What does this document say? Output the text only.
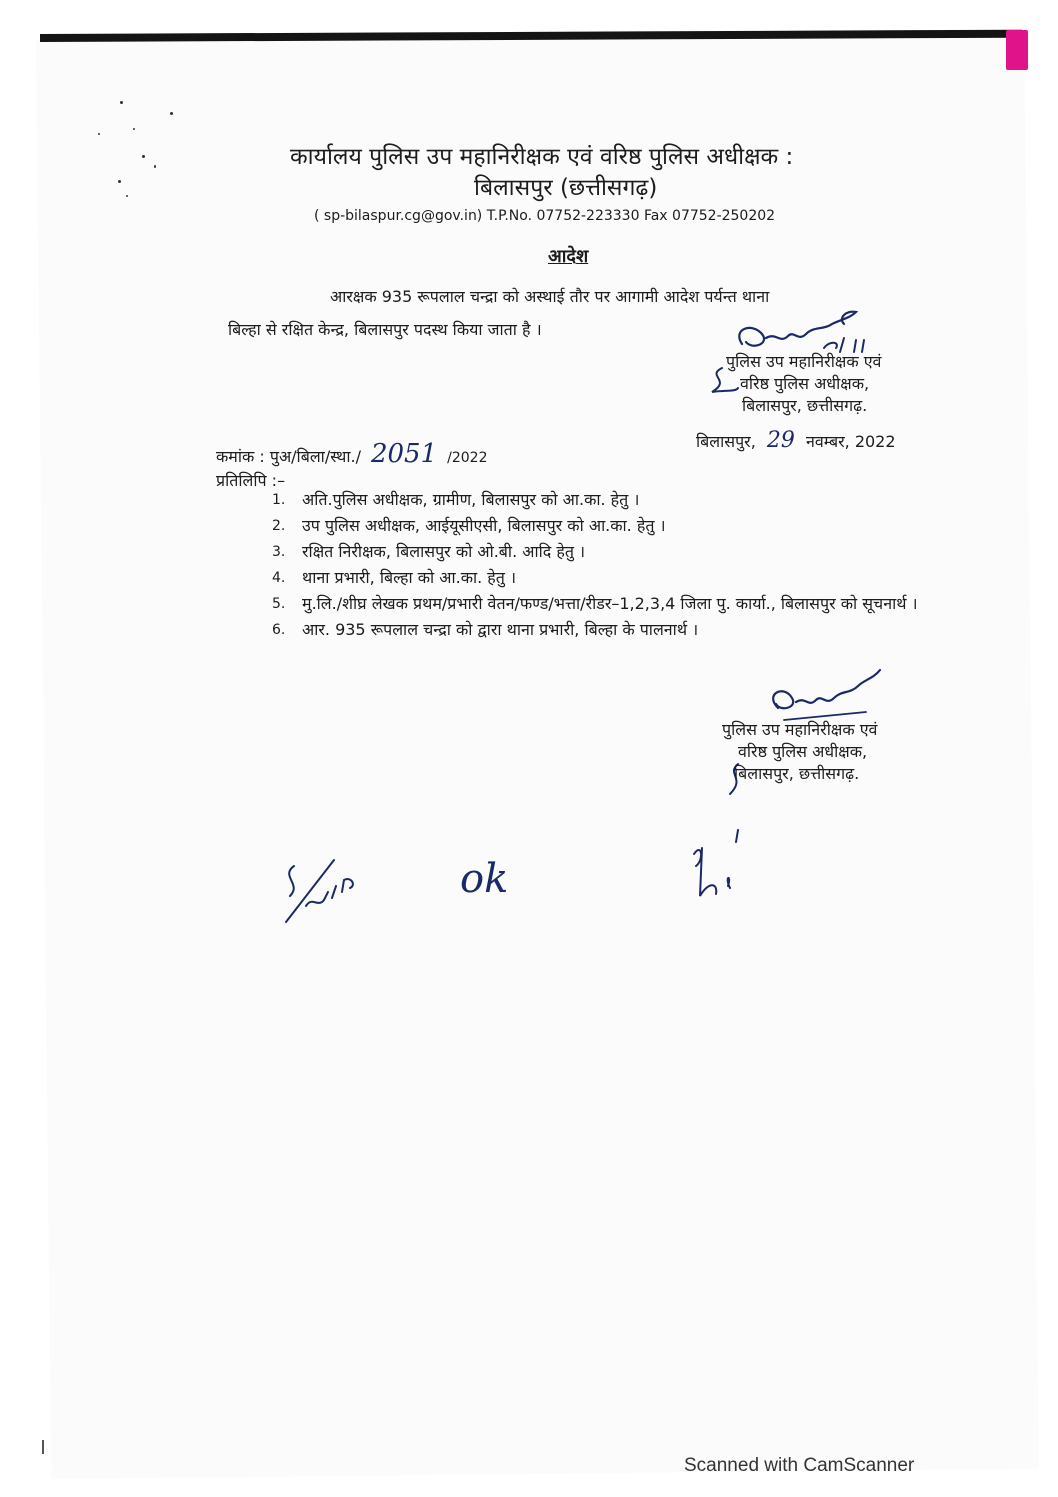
कार्यालय पुलिस उप महानिरीक्षक एवं वरिष्ठ पुलिस अधीक्षक :
बिलासपुर (छत्तीसगढ़)
( sp-bilaspur.cg@gov.in) T.P.No. 07752-223330 Fax 07752-250202
आदेश
आरक्षक 935 रूपलाल चन्द्रा को अस्थाई तौर पर आगामी आदेश पर्यन्त थाना
बिल्हा से रक्षित केन्द्र, बिलासपुर पदस्थ किया जाता है ।
पुलिस उप महानिरीक्षक एवं
वरिष्ठ पुलिस अधीक्षक,
बिलासपुर, छत्तीसगढ़.
बिलासपुर, 29 नवम्बर, 2022
कमांक : पुअ/बिला/स्था./ 2051 /2022
प्रतिलिपि :–
1. अति.पुलिस अधीक्षक, ग्रामीण, बिलासपुर को आ.का. हेतु ।
2. उप पुलिस अधीक्षक, आईयूसीएसी, बिलासपुर को आ.का. हेतु ।
3. रक्षित निरीक्षक, बिलासपुर को ओ.बी. आदि हेतु ।
4. थाना प्रभारी, बिल्हा को आ.का. हेतु ।
5. मु.लि./शीघ्र लेखक प्रथम/प्रभारी वेतन/फण्ड/भत्ता/रीडर–1,2,3,4 जिला पु. कार्या., बिलासपुर को सूचनार्थ ।
6. आर. 935 रूपलाल चन्द्रा को द्वारा थाना प्रभारी, बिल्हा के पालनार्थ ।
पुलिस उप महानिरीक्षक एवं
वरिष्ठ पुलिस अधीक्षक,
बिलासपुर, छत्तीसगढ़.
ok
Scanned with CamScanner
